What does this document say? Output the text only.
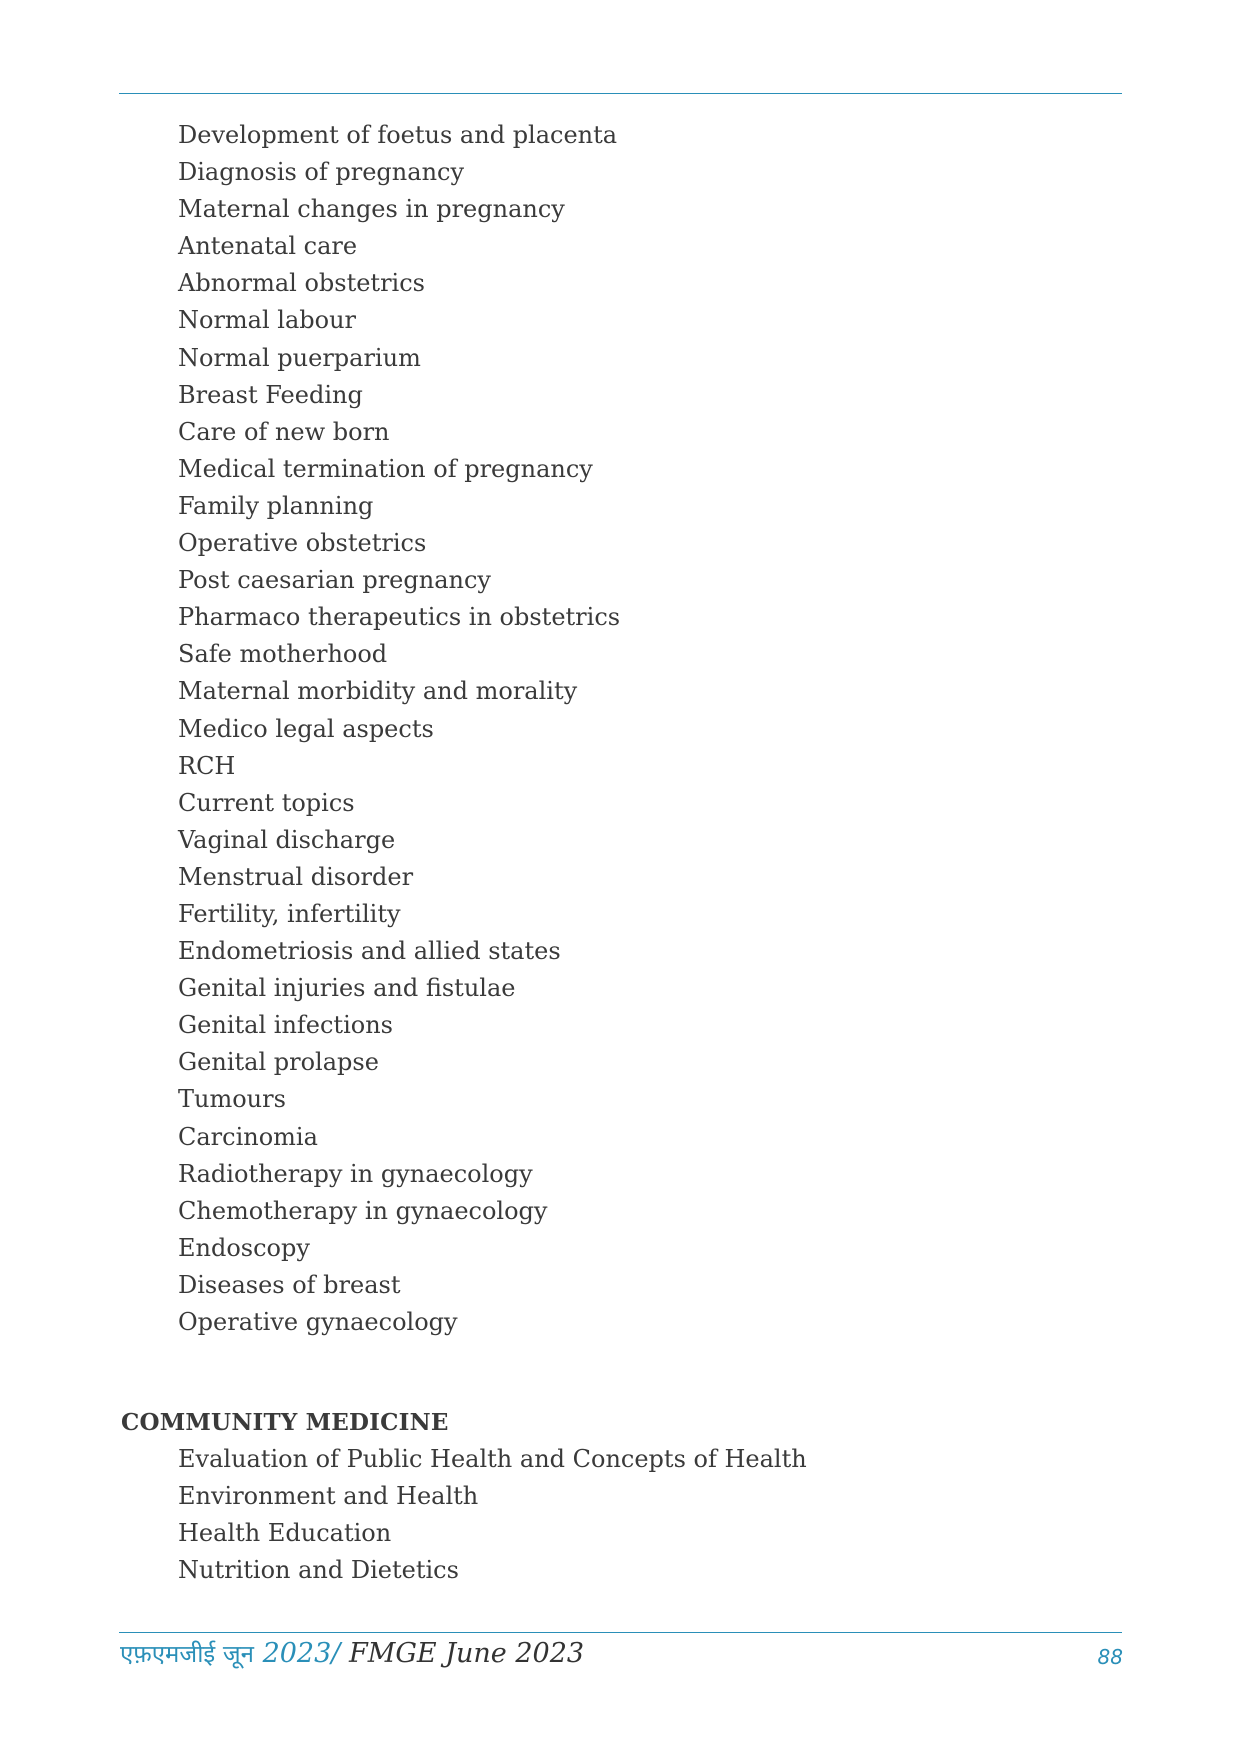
Development of foetus and placenta
Diagnosis of pregnancy
Maternal changes in pregnancy
Antenatal care
Abnormal obstetrics
Normal labour
Normal puerparium
Breast Feeding
Care of new born
Medical termination of pregnancy
Family planning
Operative obstetrics
Post caesarian pregnancy
Pharmaco therapeutics in obstetrics
Safe motherhood
Maternal morbidity and morality
Medico legal aspects
RCH
Current topics
Vaginal discharge
Menstrual disorder
Fertility, infertility
Endometriosis and allied states
Genital injuries and fistulae
Genital infections
Genital prolapse
Tumours
Carcinomia
Radiotherapy in gynaecology
Chemotherapy in gynaecology
Endoscopy
Diseases of breast
Operative gynaecology
COMMUNITY MEDICINE
Evaluation of Public Health and Concepts of Health
Environment and Health
Health Education
Nutrition and Dietetics
एफ़एमजीई जून 2023/ FMGE June 2023	88
